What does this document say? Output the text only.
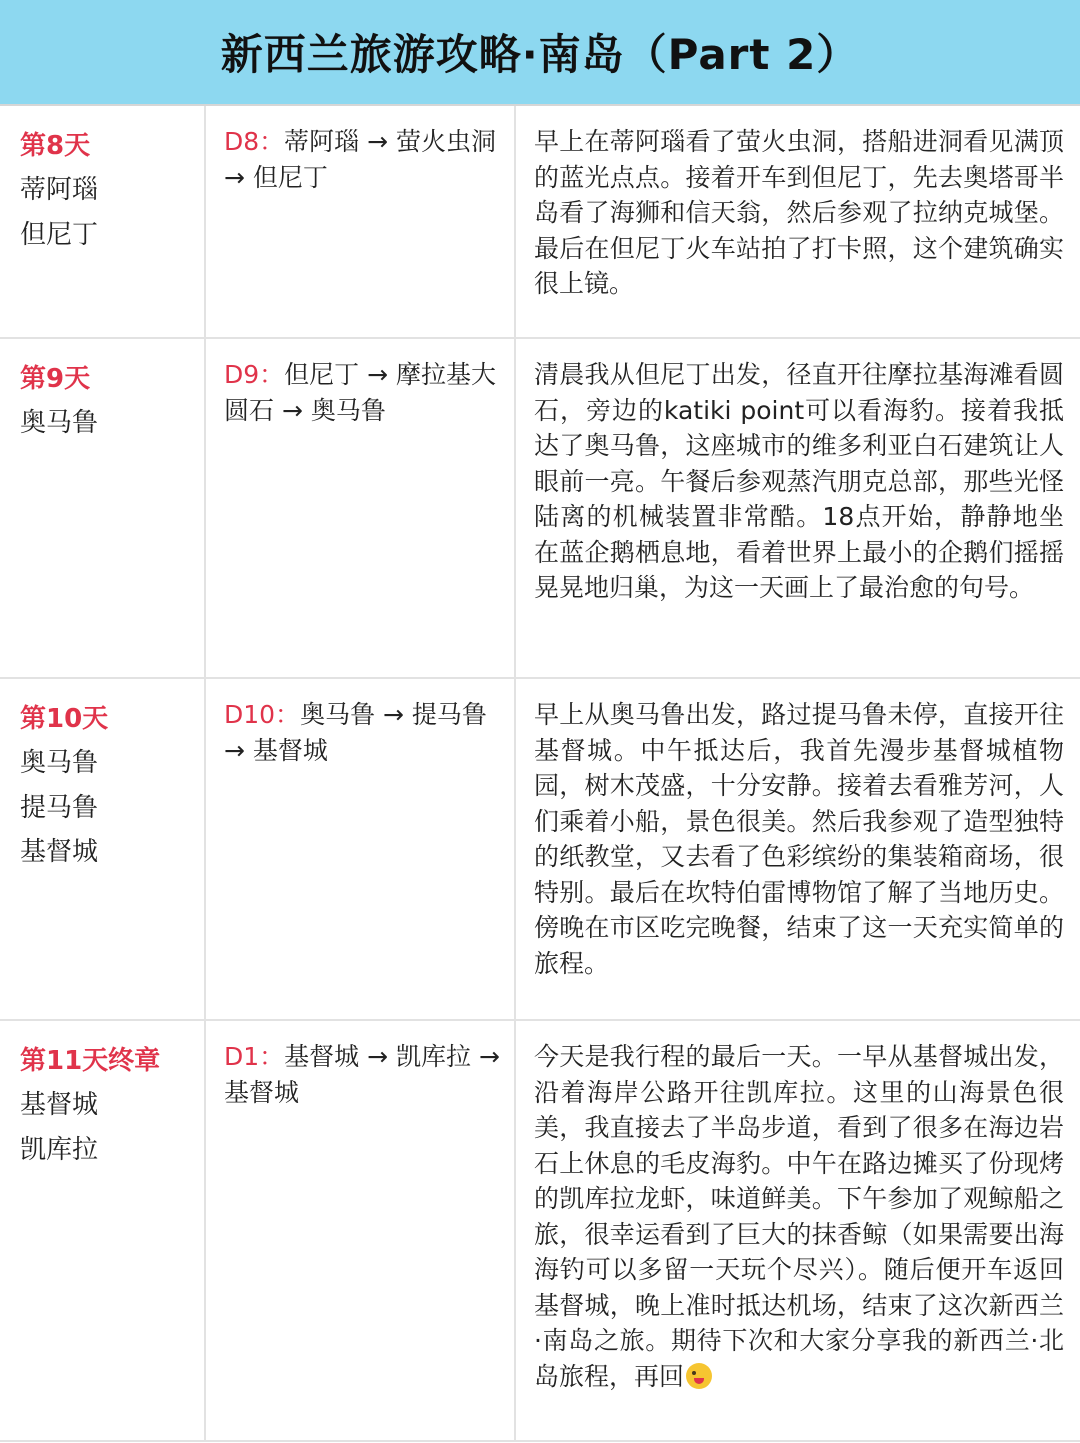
新西兰旅游攻略·南岛（Part 2）
第8天
蒂阿瑙
但尼丁	D8：蒂阿瑙 → 萤火虫洞 → 但尼丁	早上在蒂阿瑙看了萤火虫洞，搭船进洞看见满顶的蓝光点点。接着开车到但尼丁，先去奥塔哥半岛看了海狮和信天翁，然后参观了拉纳克城堡。最后在但尼丁火车站拍了打卡照，这个建筑确实很上镜。

第9天
奥马鲁	D9：但尼丁 → 摩拉基大圆石 → 奥马鲁	清晨我从但尼丁出发，径直开往摩拉基海滩看圆石，旁边的katiki point可以看海豹。接着我抵达了奥马鲁，这座城市的维多利亚白石建筑让人眼前一亮。午餐后参观蒸汽朋克总部，那些光怪陆离的机械装置非常酷。18点开始，静静地坐在蓝企鹅栖息地，看着世界上最小的企鹅们摇摇晃晃地归巢，为这一天画上了最治愈的句号。

第10天
奥马鲁
提马鲁
基督城	D10：奥马鲁 → 提马鲁 → 基督城	早上从奥马鲁出发，路过提马鲁未停，直接开往基督城。中午抵达后，我首先漫步基督城植物园，树木茂盛，十分安静。接着去看雅芳河，人们乘着小船，景色很美。然后我参观了造型独特的纸教堂，又去看了色彩缤纷的集装箱商场，很特别。最后在坎特伯雷博物馆了解了当地历史。傍晚在市区吃完晚餐，结束了这一天充实简单的旅程。

第11天终章
基督城
凯库拉	D1：基督城 → 凯库拉 → 基督城	今天是我行程的最后一天。一早从基督城出发，沿着海岸公路开往凯库拉。这里的山海景色很美，我直接去了半岛步道，看到了很多在海边岩石上休息的毛皮海豹。中午在路边摊买了份现烤的凯库拉龙虾，味道鲜美。下午参加了观鲸船之旅，很幸运看到了巨大的抹香鲸（如果需要出海海钓可以多留一天玩个尽兴）。随后便开车返回基督城，晚上准时抵达机场，结束了这次新西兰·南岛之旅。期待下次和大家分享我的新西兰·北岛旅程，再回
